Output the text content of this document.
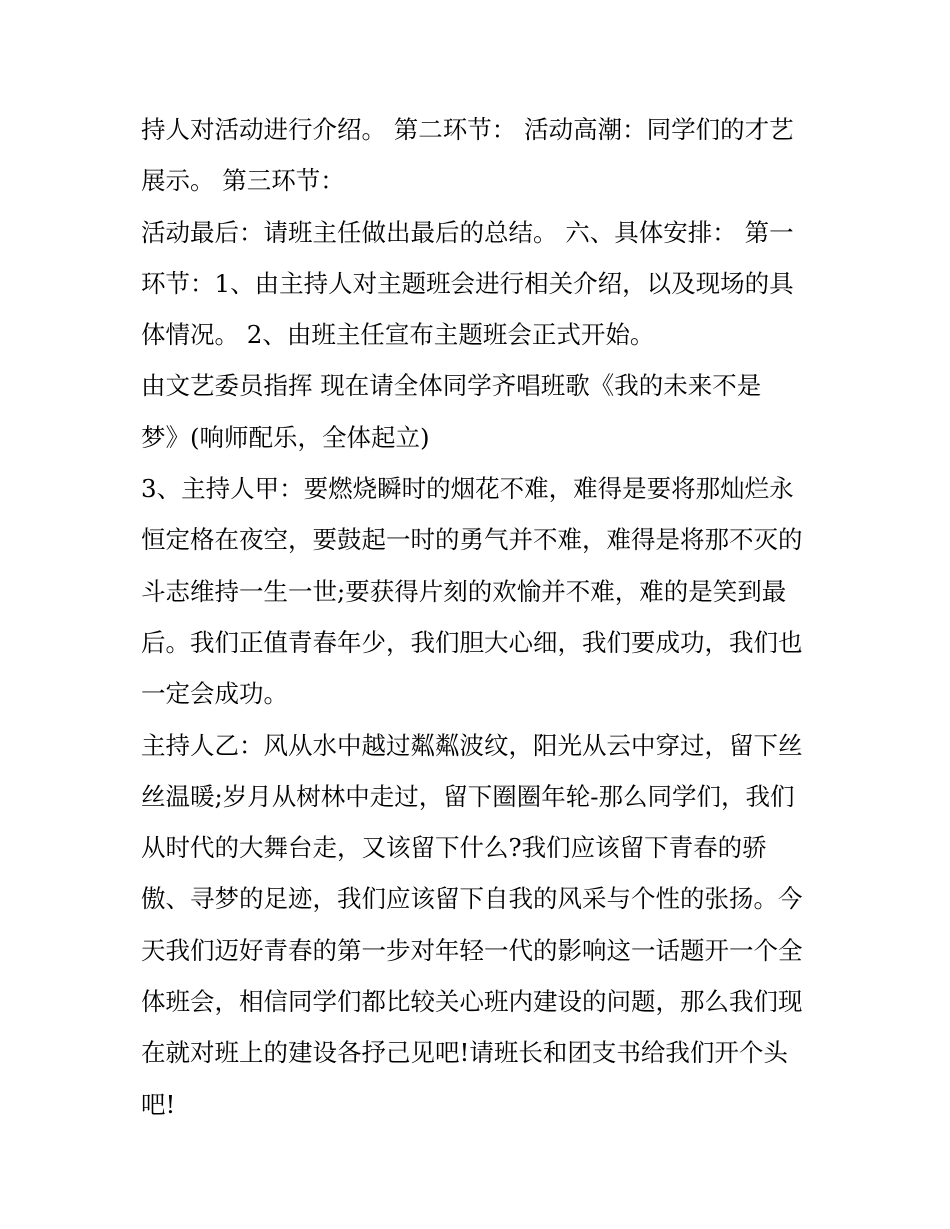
持人对活动进行介绍。 第二环节： 活动高潮：同学们的才艺
展示。 第三环节：
活动最后：请班主任做出最后的总结。 六、具体安排： 第一
环节：1、由主持人对主题班会进行相关介绍，以及现场的具
体情况。 2、由班主任宣布主题班会正式开始。
由文艺委员指挥 现在请全体同学齐唱班歌《我的未来不是
梦》(响师配乐，全体起立)
3、主持人甲：要燃烧瞬时的烟花不难，难得是要将那灿烂永
恒定格在夜空，要鼓起一时的勇气并不难，难得是将那不灭的
斗志维持一生一世;要获得片刻的欢愉并不难，难的是笑到最
后。我们正值青春年少，我们胆大心细，我们要成功，我们也
一定会成功。
主持人乙：风从水中越过粼粼波纹，阳光从云中穿过，留下丝
丝温暖;岁月从树林中走过，留下圈圈年轮-那么同学们，我们
从时代的大舞台走，又该留下什么?我们应该留下青春的骄
傲、寻梦的足迹，我们应该留下自我的风采与个性的张扬。今
天我们迈好青春的第一步对年轻一代的影响这一话题开一个全
体班会，相信同学们都比较关心班内建设的问题，那么我们现
在就对班上的建设各抒己见吧!请班长和团支书给我们开个头
吧!
